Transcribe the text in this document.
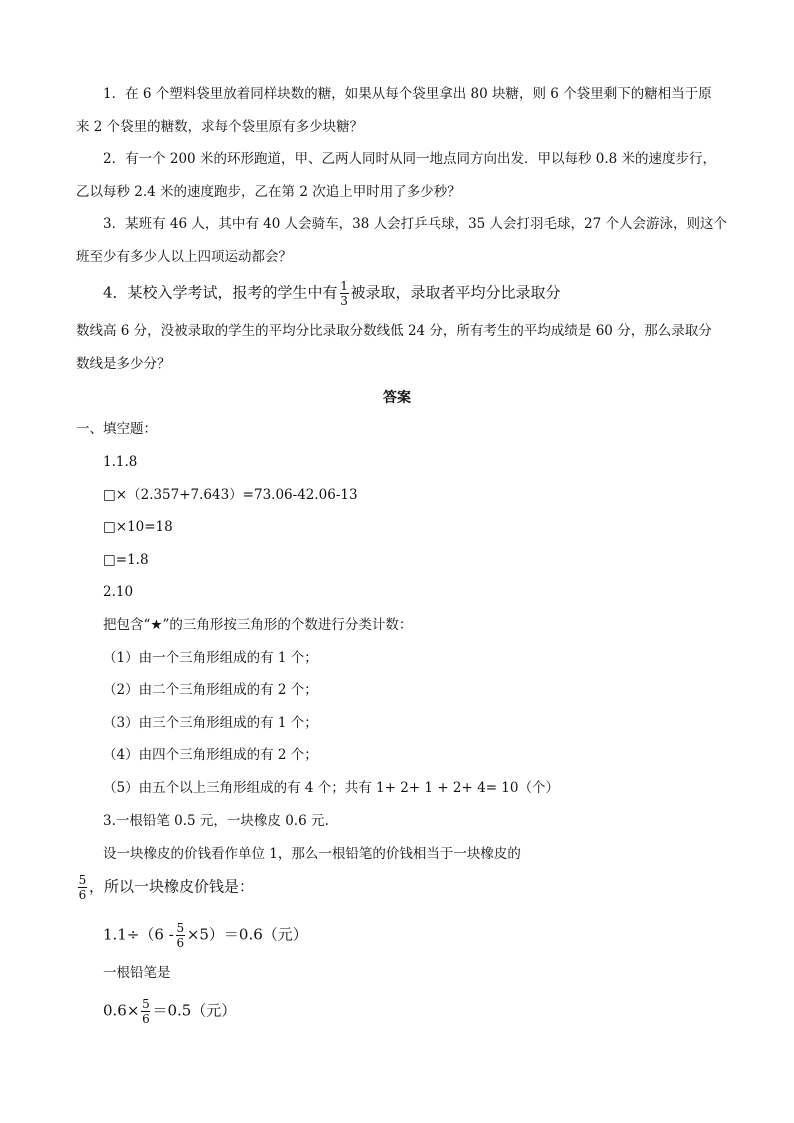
1．在 6 个塑料袋里放着同样块数的糖，如果从每个袋里拿出 80 块糖，则 6 个袋里剩下的糖相当于原
来 2 个袋里的糖数，求每个袋里原有多少块糖？
2．有一个 200 米的环形跑道，甲、乙两人同时从同一地点同方向出发．甲以每秒 0.8 米的速度步行，
乙以每秒 2.4 米的速度跑步，乙在第 2 次追上甲时用了多少秒？
3．某班有 46 人，其中有 40 人会骑车，38 人会打乒乓球，35 人会打羽毛球，27 个人会游泳，则这个
班至少有多少人以上四项运动都会？
4．某校入学考试，报考的学生中有 $\frac{1}{3}$ 被录取，录取者平均分比录取分
数线高 6 分，没被录取的学生的平均分比录取分数线低 24 分，所有考生的平均成绩是 60 分，那么录取分
数线是多少分？
答案
一、填空题：
1.1.8
□×（2.357+7.643）=73.06-42.06-13
□×10=18
□=1.8
2.10
把包含“★”的三角形按三角形的个数进行分类计数：
（1）由一个三角形组成的有 1 个；
（2）由二个三角形组成的有 2 个；
（3）由三个三角形组成的有 1 个；
（4）由四个三角形组成的有 2 个；
（5）由五个以上三角形组成的有 4 个；共有 1+ 2+ 1 + 2+ 4= 10（个）
3.一根铅笔 0.5 元，一块橡皮 0.6 元.
设一块橡皮的价钱看作单位 1，那么一根铅笔的价钱相当于一块橡皮的
$\frac{5}{6}$ ，所以一块橡皮价钱是：
$1.1\div(6 - \frac{5}{6} \times 5)=0.6$（元）
一根铅笔是
$0.6\times \frac{5}{6} =0.5$（元）
